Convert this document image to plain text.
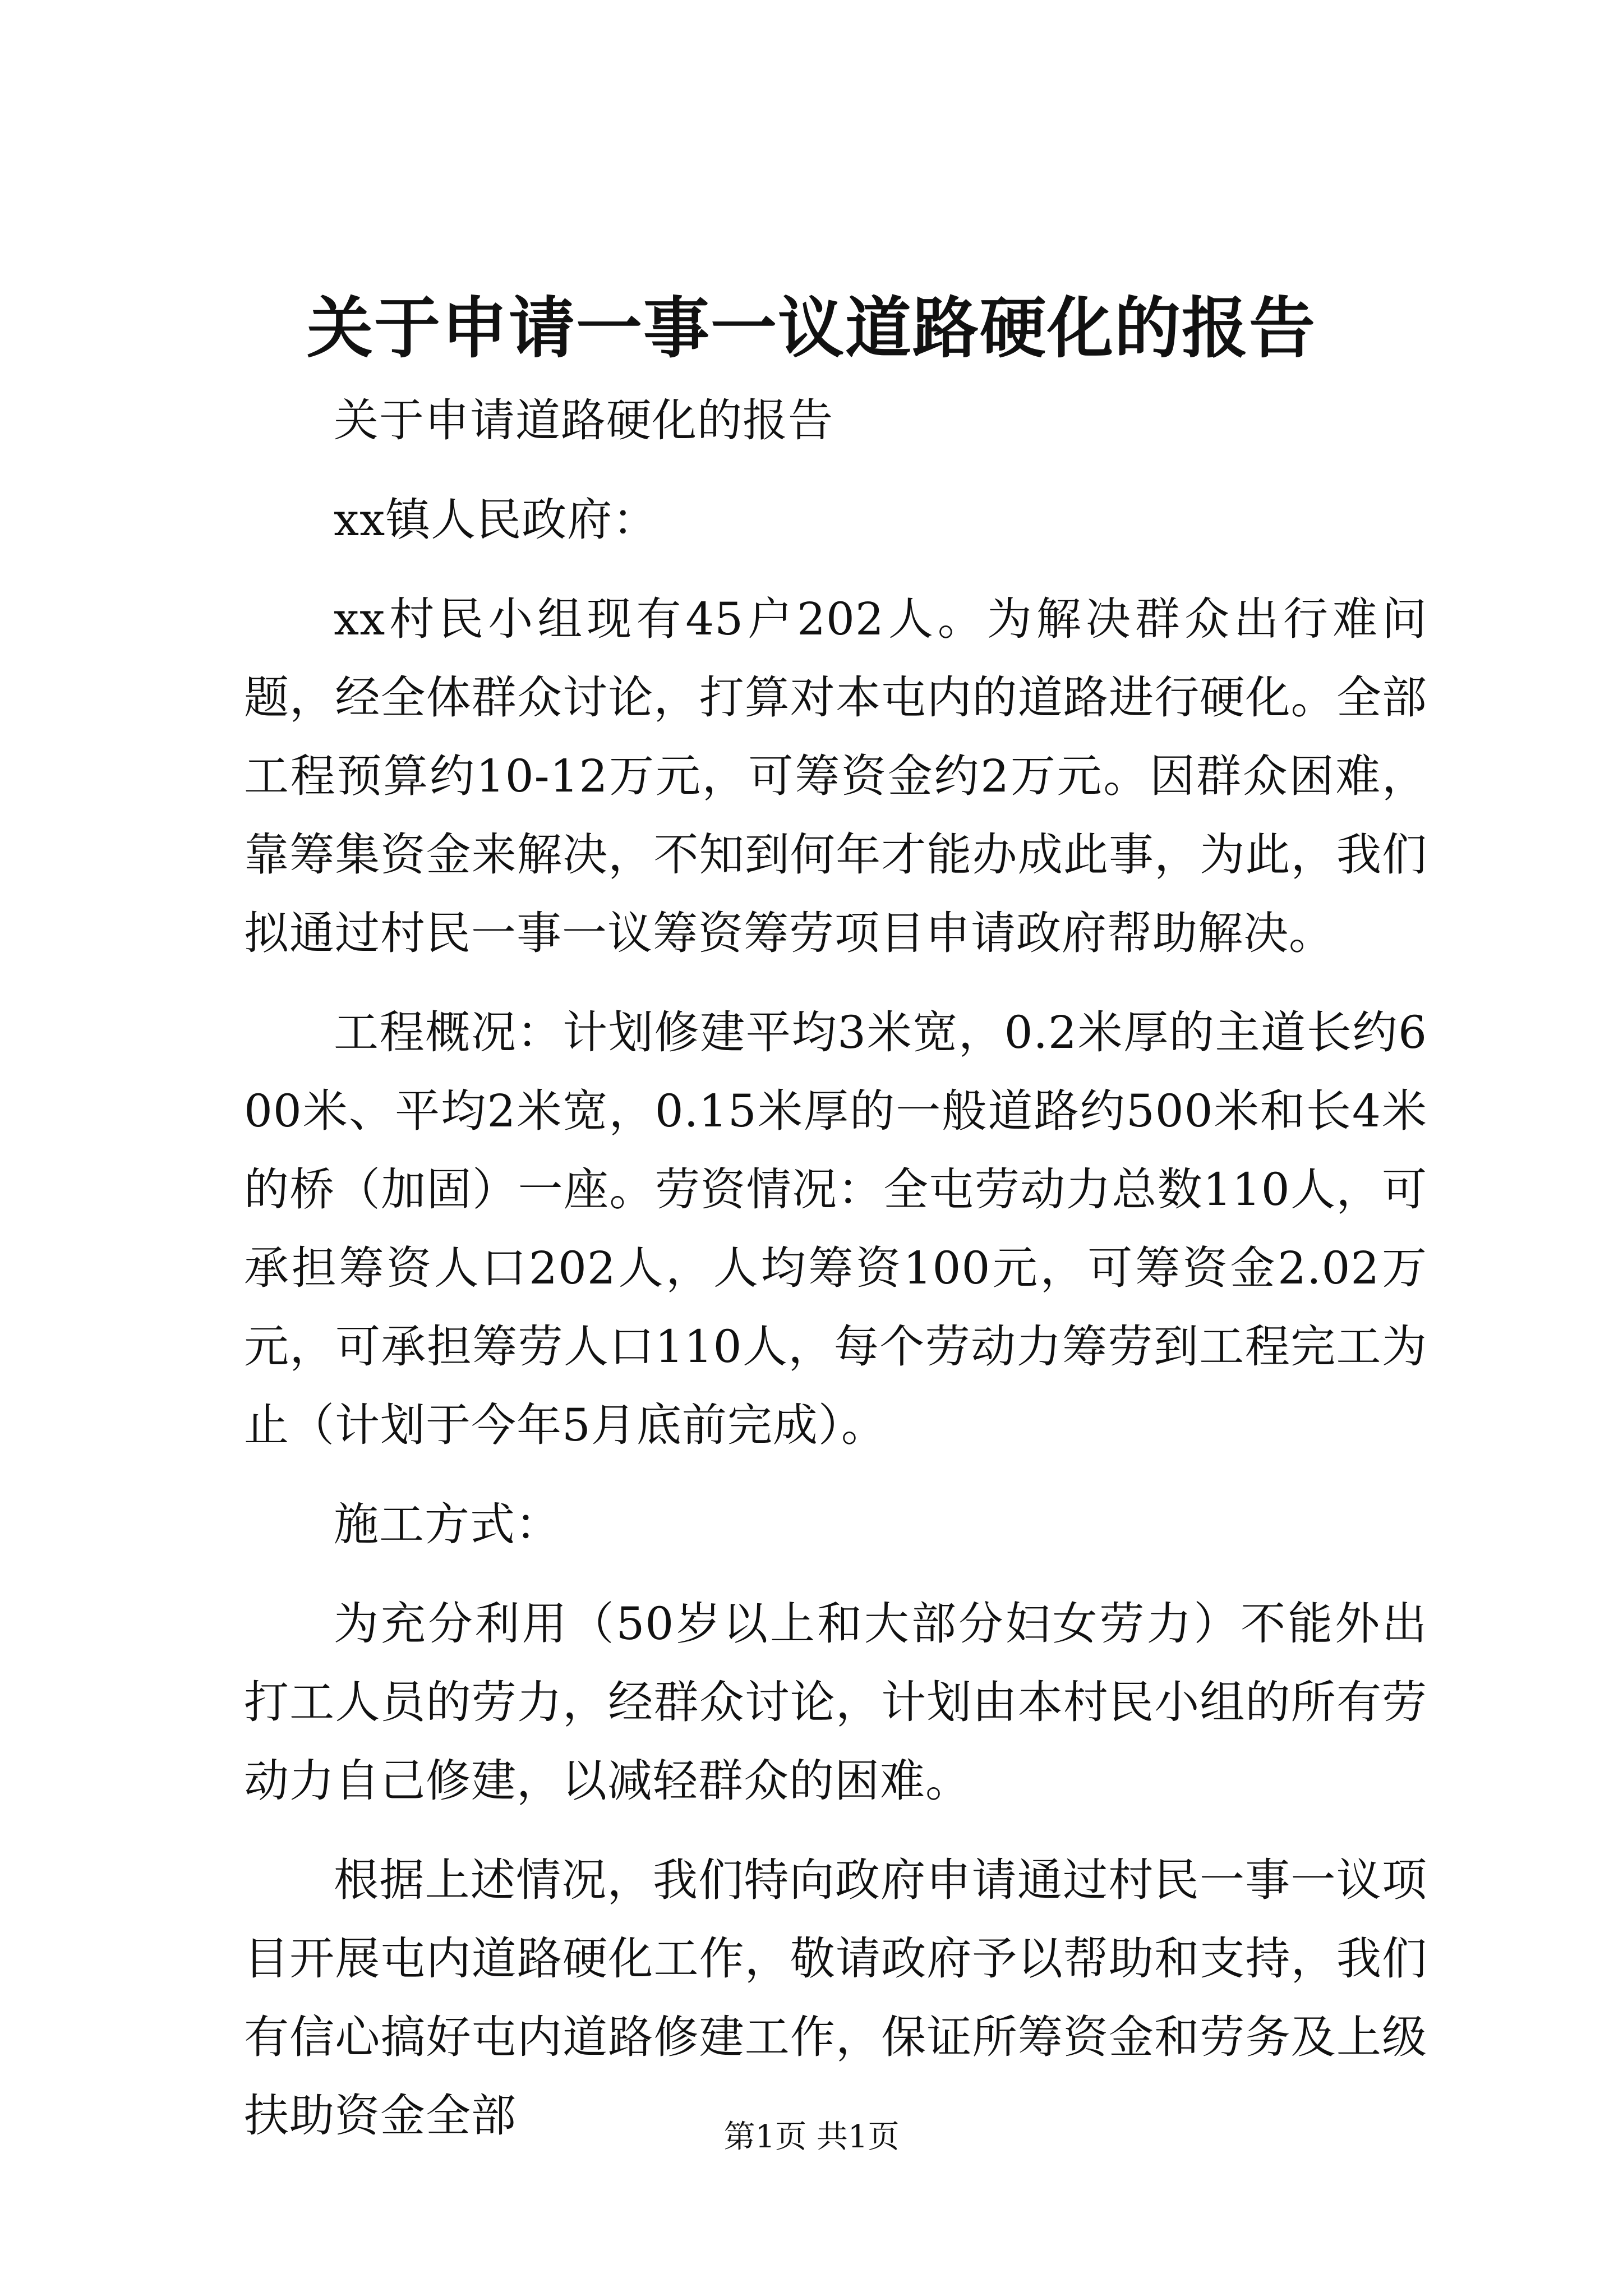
关于申请一事一议道路硬化的报告

关于申请道路硬化的报告

xx镇人民政府：

xx村民小组现有45户202人。为解决群众出行难问题，经全体群众讨论，打算对本屯内的道路进行硬化。全部工程预算约10-12万元，可筹资金约2万元。因群众困难，靠筹集资金来解决，不知到何年才能办成此事，为此，我们拟通过村民一事一议筹资筹劳项目申请政府帮助解决。

工程概况：计划修建平均3米宽，0.2米厚的主道长约600米、平均2米宽，0.15米厚的一般道路约500米和长4米的桥（加固）一座。劳资情况：全屯劳动力总数110人，可承担筹资人口202人，人均筹资100元，可筹资金2.02万元，可承担筹劳人口110人，每个劳动力筹劳到工程完工为止（计划于今年5月底前完成）。

施工方式：

为充分利用（50岁以上和大部分妇女劳力）不能外出打工人员的劳力，经群众讨论，计划由本村民小组的所有劳动力自己修建，以减轻群众的困难。

根据上述情况，我们特向政府申请通过村民一事一议项目开展屯内道路硬化工作，敬请政府予以帮助和支持，我们有信心搞好屯内道路修建工作，保证所筹资金和劳务及上级扶助资金全部	第1页 共1页
